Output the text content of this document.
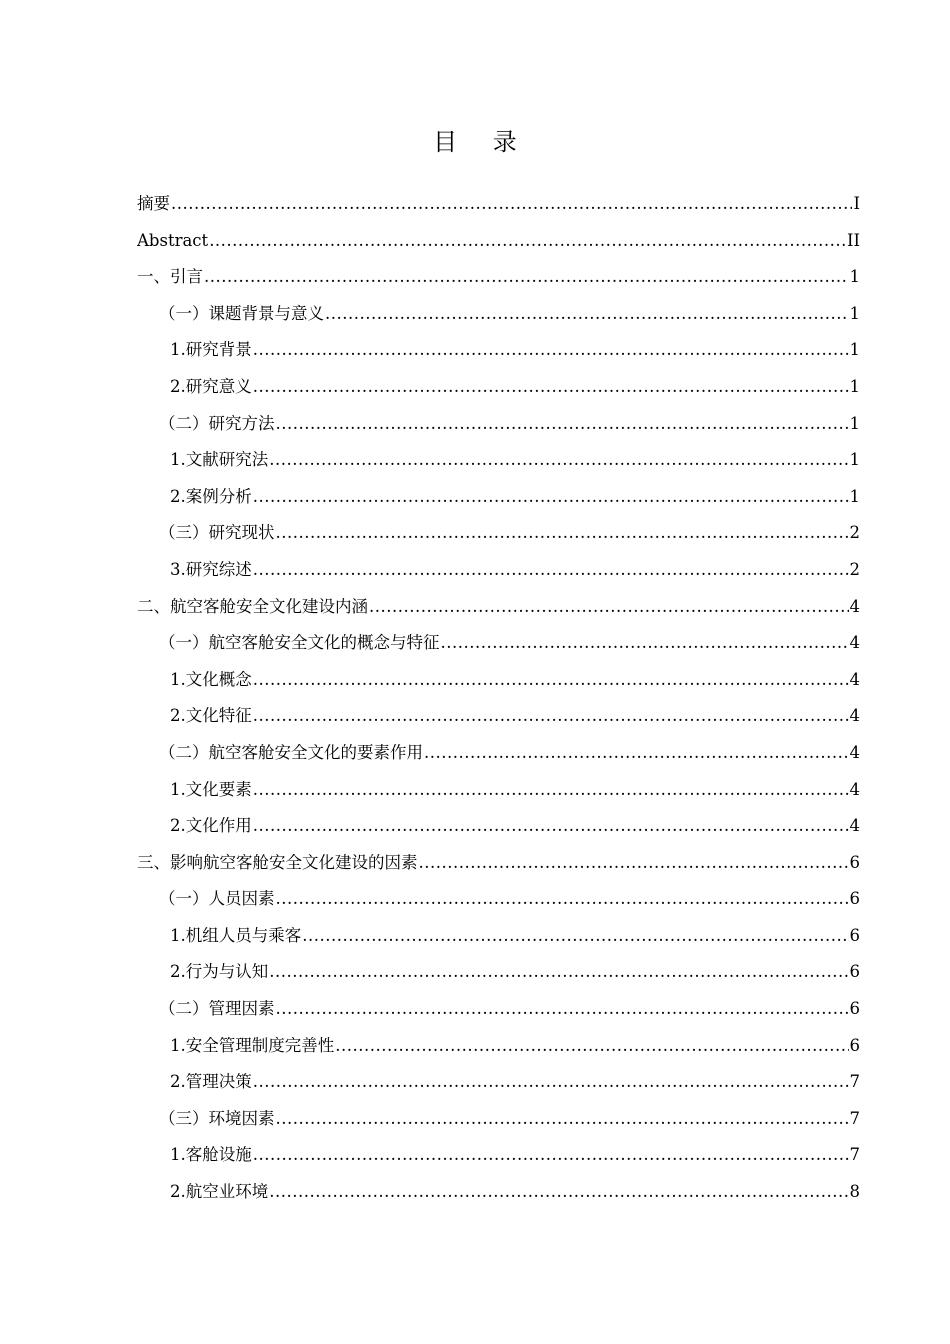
目 录
摘要 .....	I
Abstract .....	II
一、引言 .....	1
（一）课题背景与意义 .....	1
1.研究背景 .....	1
2.研究意义 .....	1
（二）研究方法 .....	1
1.文献研究法 .....	1
2.案例分析 .....	1
（三）研究现状 .....	2
3.研究综述 .....	2
二、航空客舱安全文化建设内涵 .....	4
（一）航空客舱安全文化的概念与特征 .....	4
1.文化概念 .....	4
2.文化特征 .....	4
（二）航空客舱安全文化的要素作用 .....	4
1.文化要素 .....	4
2.文化作用 .....	4
三、影响航空客舱安全文化建设的因素 .....	6
（一）人员因素 .....	6
1.机组人员与乘客 .....	6
2.行为与认知 .....	6
（二）管理因素 .....	6
1.安全管理制度完善性 .....	6
2.管理决策 .....	7
（三）环境因素 .....	7
1.客舱设施 .....	7
2.航空业环境 .....	8
